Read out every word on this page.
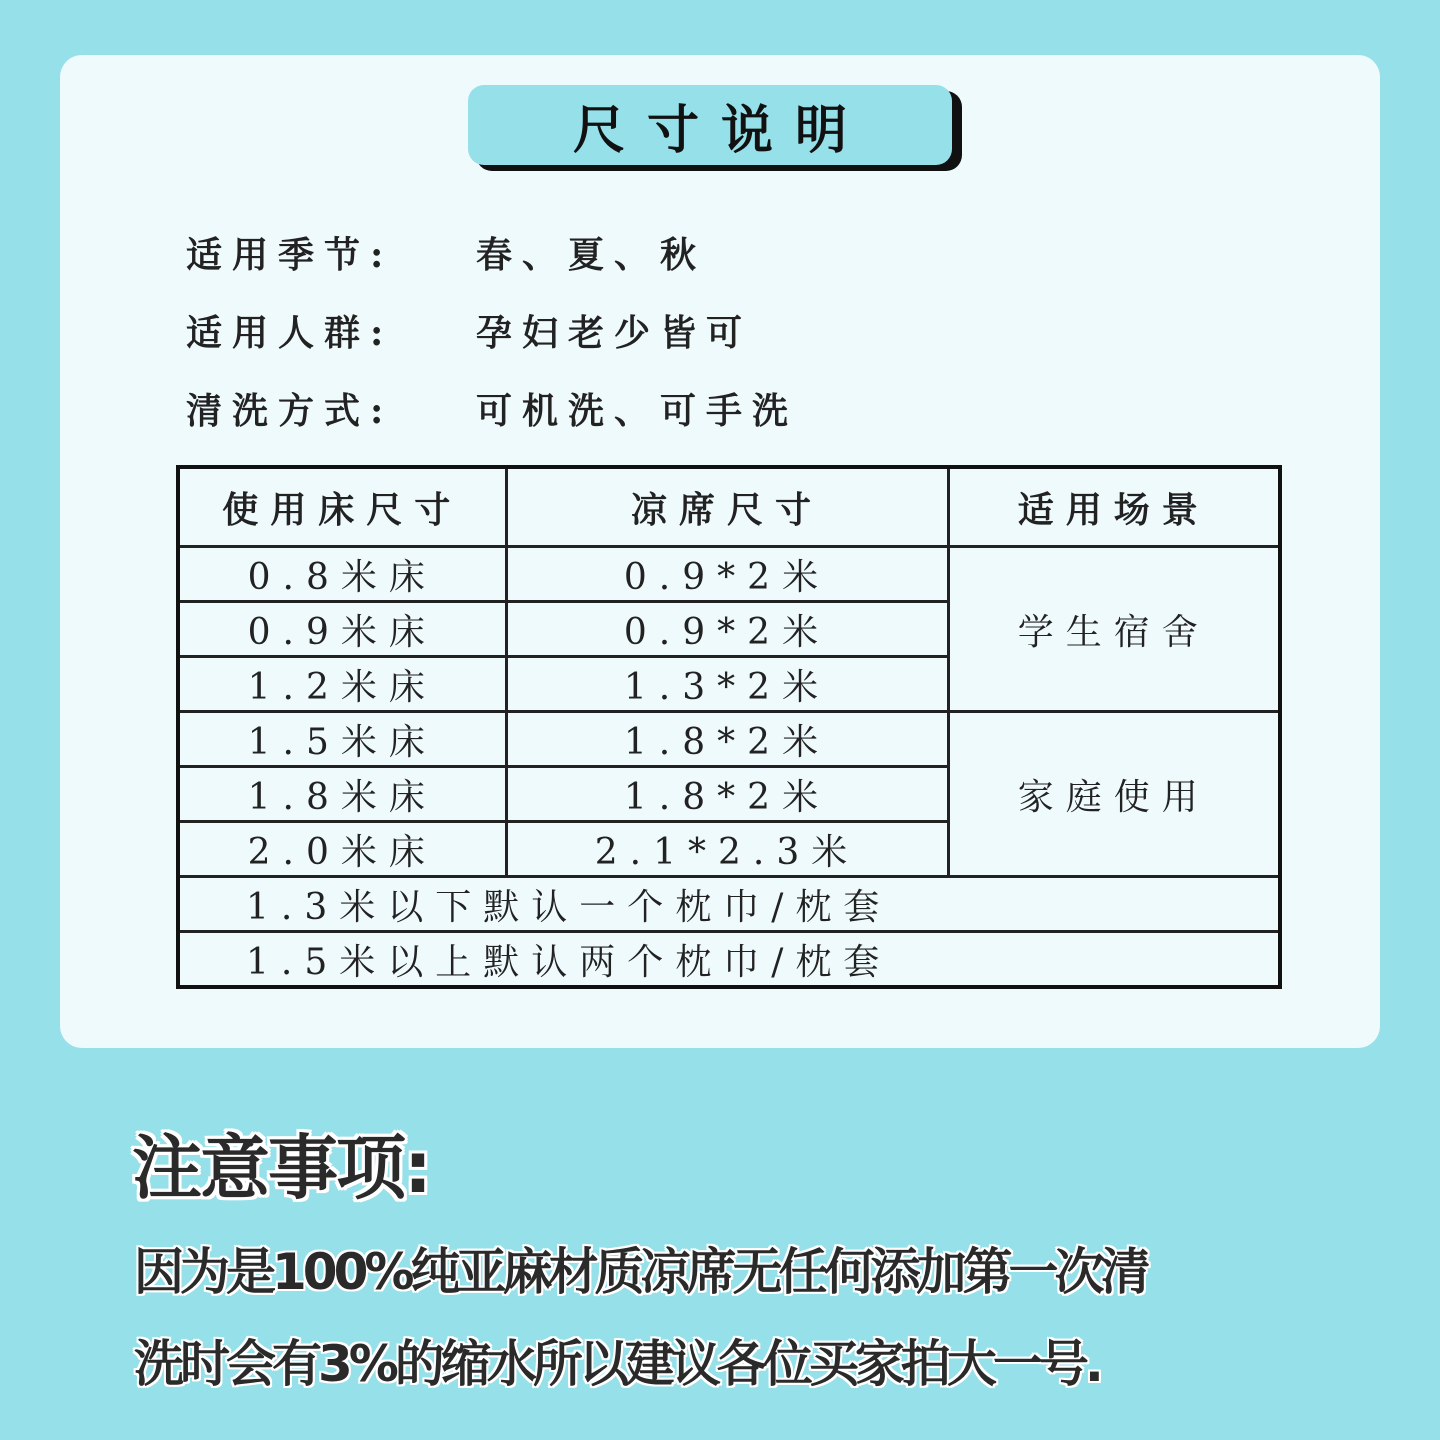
尺寸说明
适用季节: 春、夏、秋
适用人群: 孕妇老少皆可
清洗方式: 可机洗、可手洗
使用床尺寸	凉席尺寸	适用场景
0.8米床	0.9*2米	学生宿舍
0.9米床	0.9*2米	
1.2米床	1.3*2米	
1.5米床	1.8*2米	家庭使用
1.8米床	1.8*2米	
2.0米床	2.1*2.3米	
1.3米以下默认一个枕巾/枕套		
1.5米以上默认两个枕巾/枕套		
注意事项:
因为是100%纯亚麻材质凉席无任何添加第一次清
洗时会有3%的缩水所以建议各位买家拍大一号.
